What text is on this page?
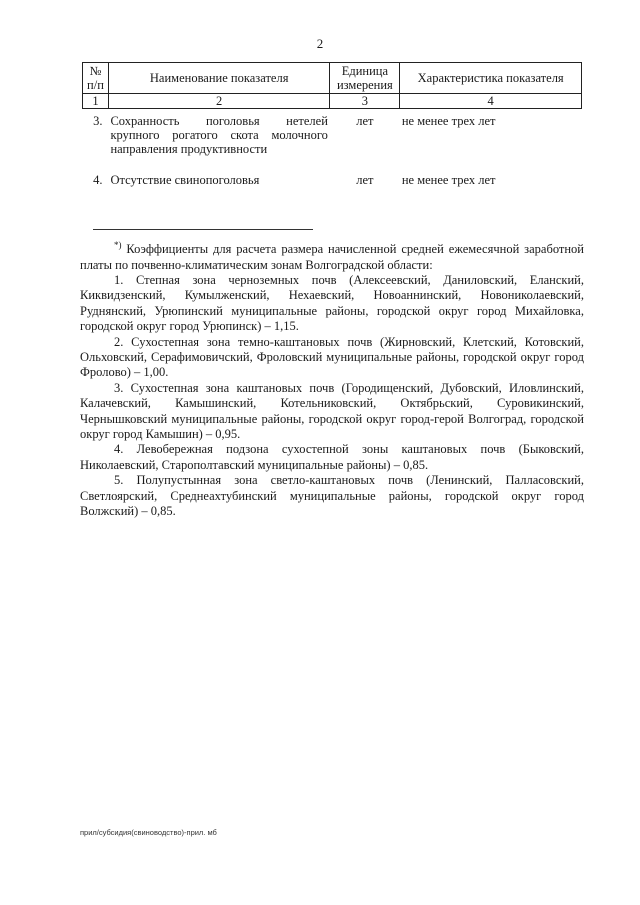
2
№ п/п	Наименование показателя	Единица измерения	Характеристика показателя
1	2	3	4
3.	Сохранность поголовья нетелей крупного рогатого скота молочного направления продуктивности	лет	не менее трех лет

4.	Отсутствие свинопоголовья	лет	не менее трех лет

*) Коэффициенты для расчета размера начисленной средней ежемесячной заработной платы по почвенно-климатическим зонам Волгоградской области:

1. Степная зона черноземных почв (Алексеевский, Даниловский, Еланский, Киквидзенский, Кумылженский, Нехаевский, Новоаннинский, Новониколаевский, Руднянский, Урюпинский муниципальные районы, городской округ город Михайловка, городской округ город Урюпинск) – 1,15.

2. Сухостепная зона темно-каштановых почв (Жирновский, Клетский, Котовский, Ольховский, Серафимовичский, Фроловский муниципальные районы, городской округ город Фролово) – 1,00.

3. Сухостепная зона каштановых почв (Городищенский, Дубовский, Иловлинский, Калачевский, Камышинский, Котельниковский, Октябрьский, Суровикинский, Чернышковский муниципальные районы, городской округ город-герой Волгоград, городской округ город Камышин) – 0,95.

4. Левобережная подзона сухостепной зоны каштановых почв (Быковский, Николаевский, Старополтавский муниципальные районы) – 0,85.

5. Полупустынная зона светло-каштановых почв (Ленинский, Палласовский, Светлоярский, Среднеахтубинский муниципальные районы, городской округ город Волжский) – 0,85.

прил/субсидия(свиноводство)-прил. мб
